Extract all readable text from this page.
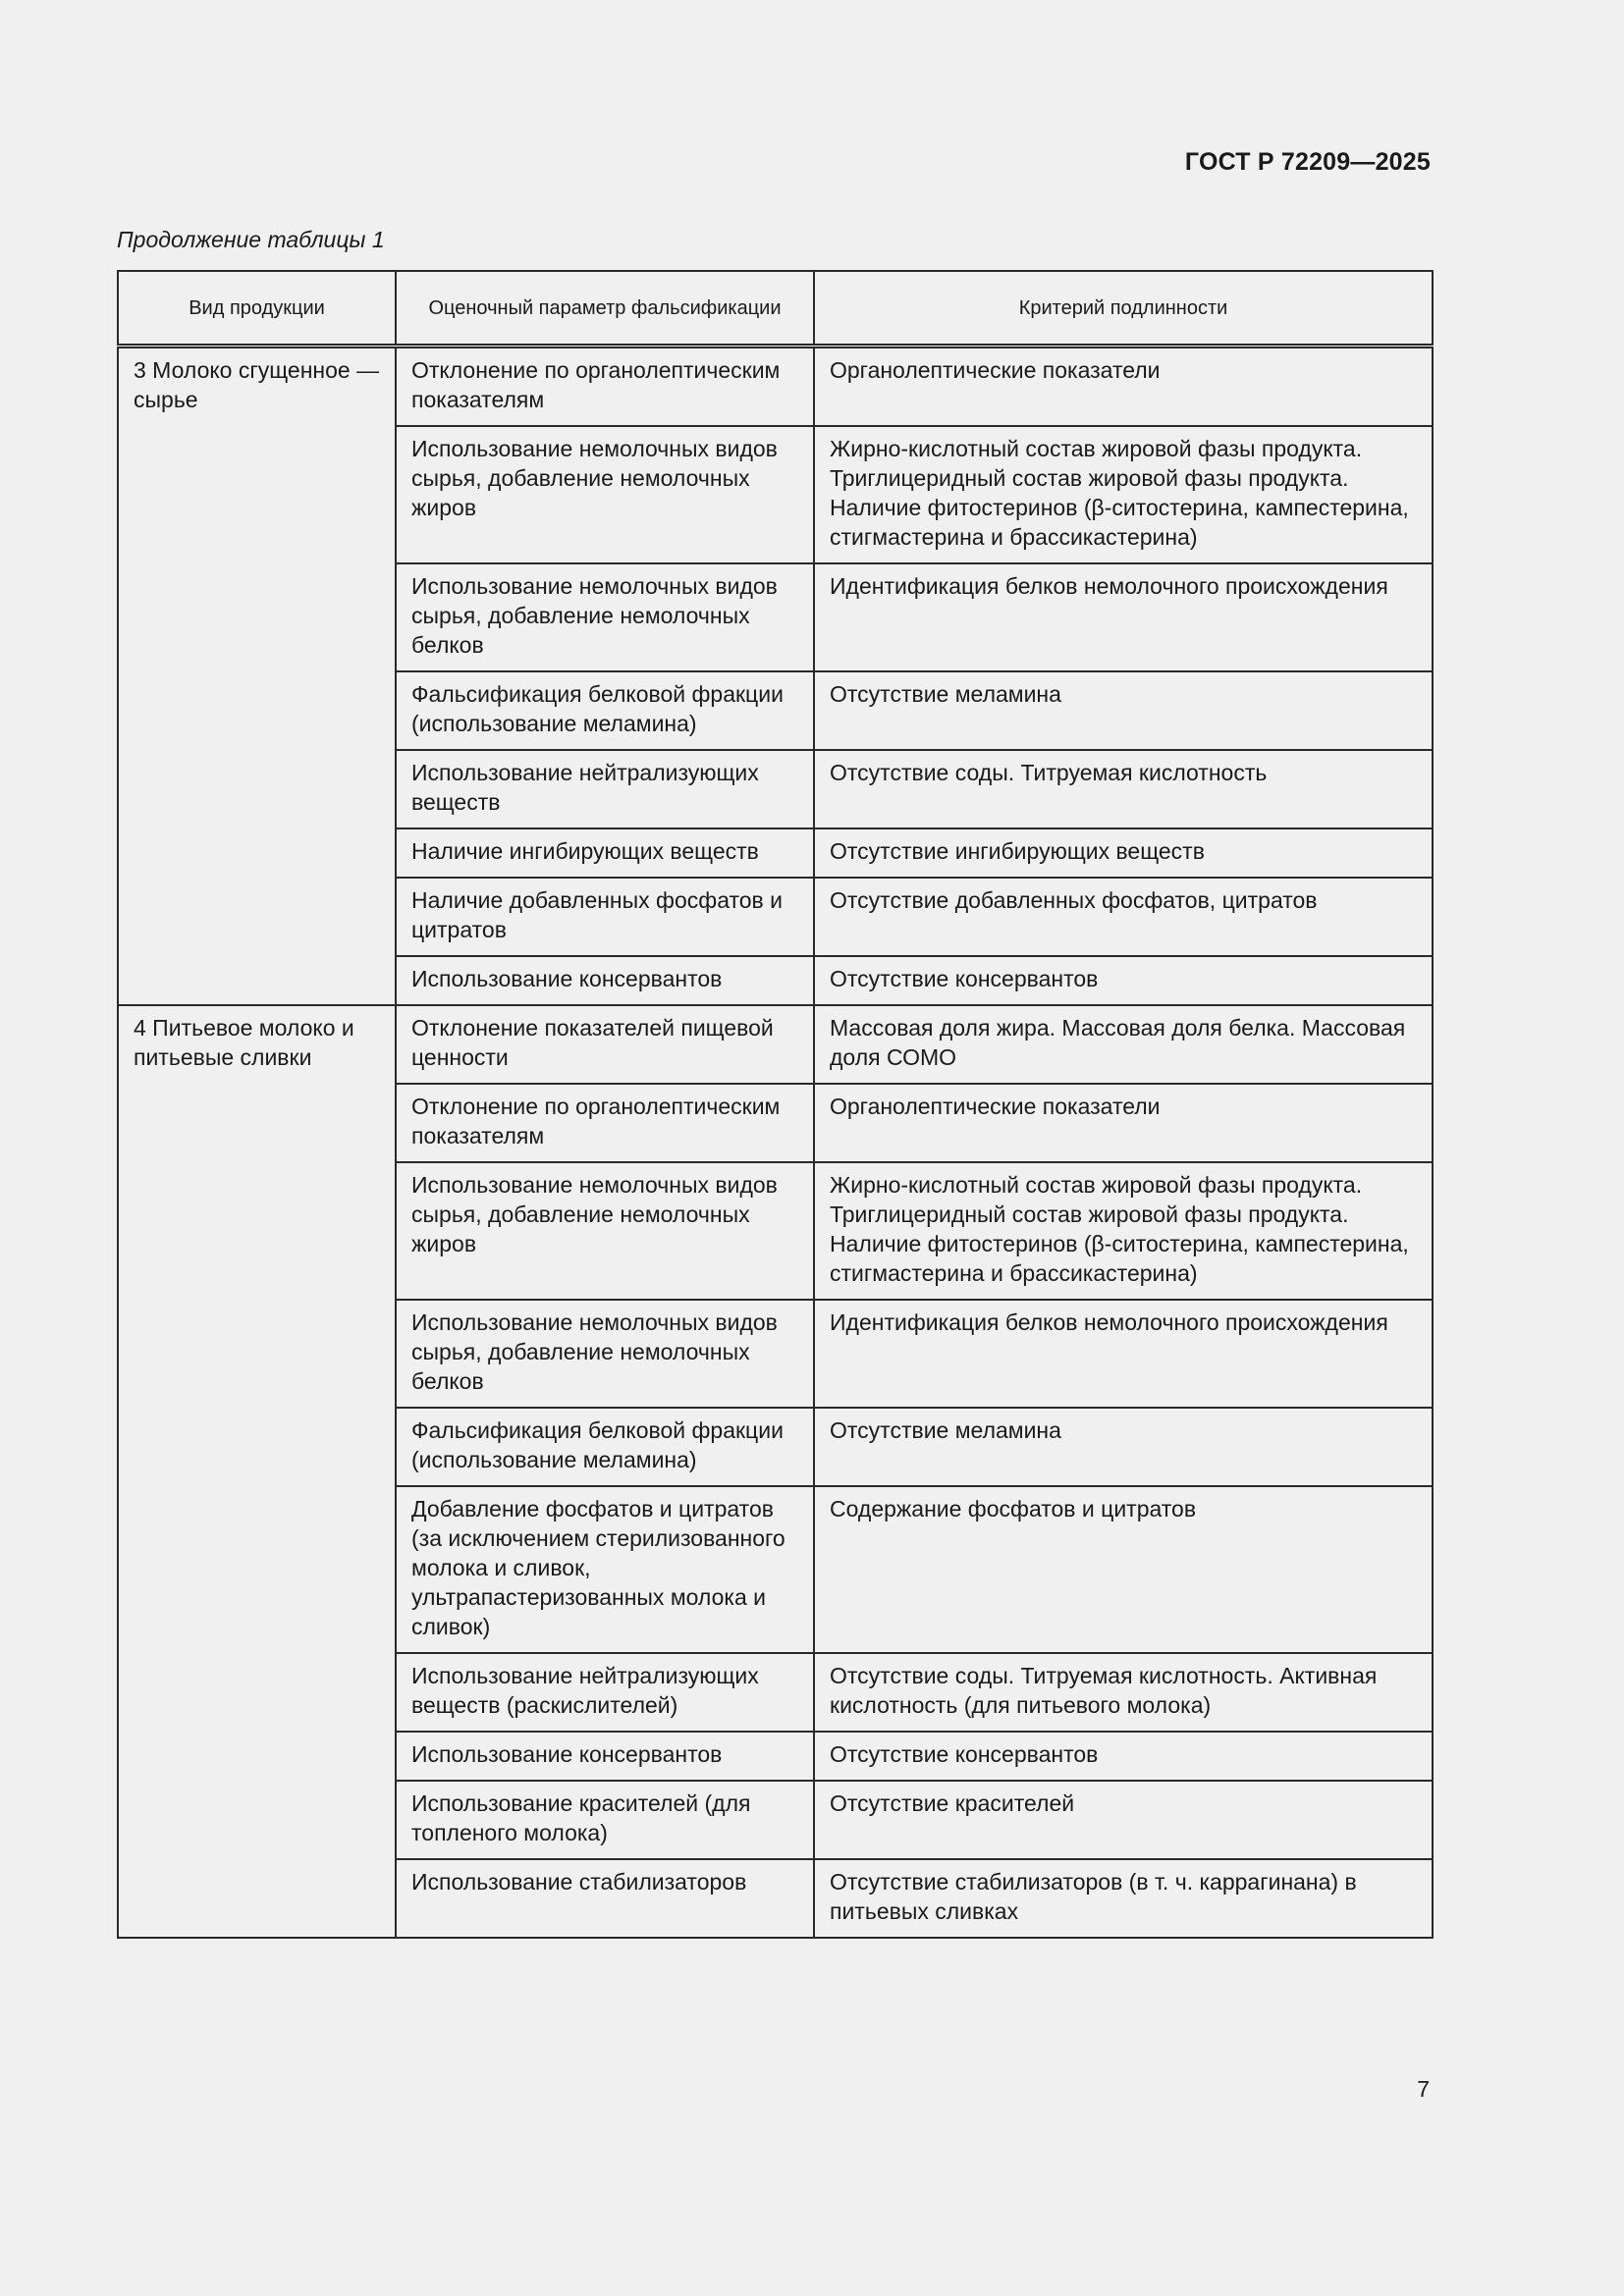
ГОСТ Р 72209—2025
Продолжение таблицы 1
Вид продукции	Оценочный параметр фальсификации	Критерий подлинности
3 Молоко сгущенное — сырье	Отклонение по органолептическим показателям	Органолептические показатели
	Использование немолочных видов сырья, добавление немолочных жиров	Жирно-кислотный состав жировой фазы продукта. Триглицеридный состав жировой фазы продукта. Наличие фитостеринов (β-ситостерина, кампестерина, стигмастерина и брассикастерина)
	Использование немолочных видов сырья, добавление немолочных белков	Идентификация белков немолочного происхождения
	Фальсификация белковой фракции (использование меламина)	Отсутствие меламина
	Использование нейтрализующих веществ	Отсутствие соды. Титруемая кислотность
	Наличие ингибирующих веществ	Отсутствие ингибирующих веществ
	Наличие добавленных фосфатов и цитратов	Отсутствие добавленных фосфатов, цитратов
	Использование консервантов	Отсутствие консервантов
4 Питьевое молоко и питьевые сливки	Отклонение показателей пищевой ценности	Массовая доля жира. Массовая доля белка. Массовая доля СОМО
	Отклонение по органолептическим показателям	Органолептические показатели
	Использование немолочных видов сырья, добавление немолочных жиров	Жирно-кислотный состав жировой фазы продукта. Триглицеридный состав жировой фазы продукта. Наличие фитостеринов (β-ситостерина, кампестерина, стигмастерина и брассикастерина)
	Использование немолочных видов сырья, добавление немолочных белков	Идентификация белков немолочного происхождения
	Фальсификация белковой фракции (использование меламина)	Отсутствие меламина
	Добавление фосфатов и цитратов (за исключением стерилизованного молока и сливок, ультрапастеризованных молока и сливок)	Содержание фосфатов и цитратов
	Использование нейтрализующих веществ (раскислителей)	Отсутствие соды. Титруемая кислотность. Активная кислотность (для питьевого молока)
	Использование консервантов	Отсутствие консервантов
	Использование красителей (для топленого молока)	Отсутствие красителей
	Использование стабилизаторов	Отсутствие стабилизаторов (в т. ч. каррагинана) в питьевых сливках
7
